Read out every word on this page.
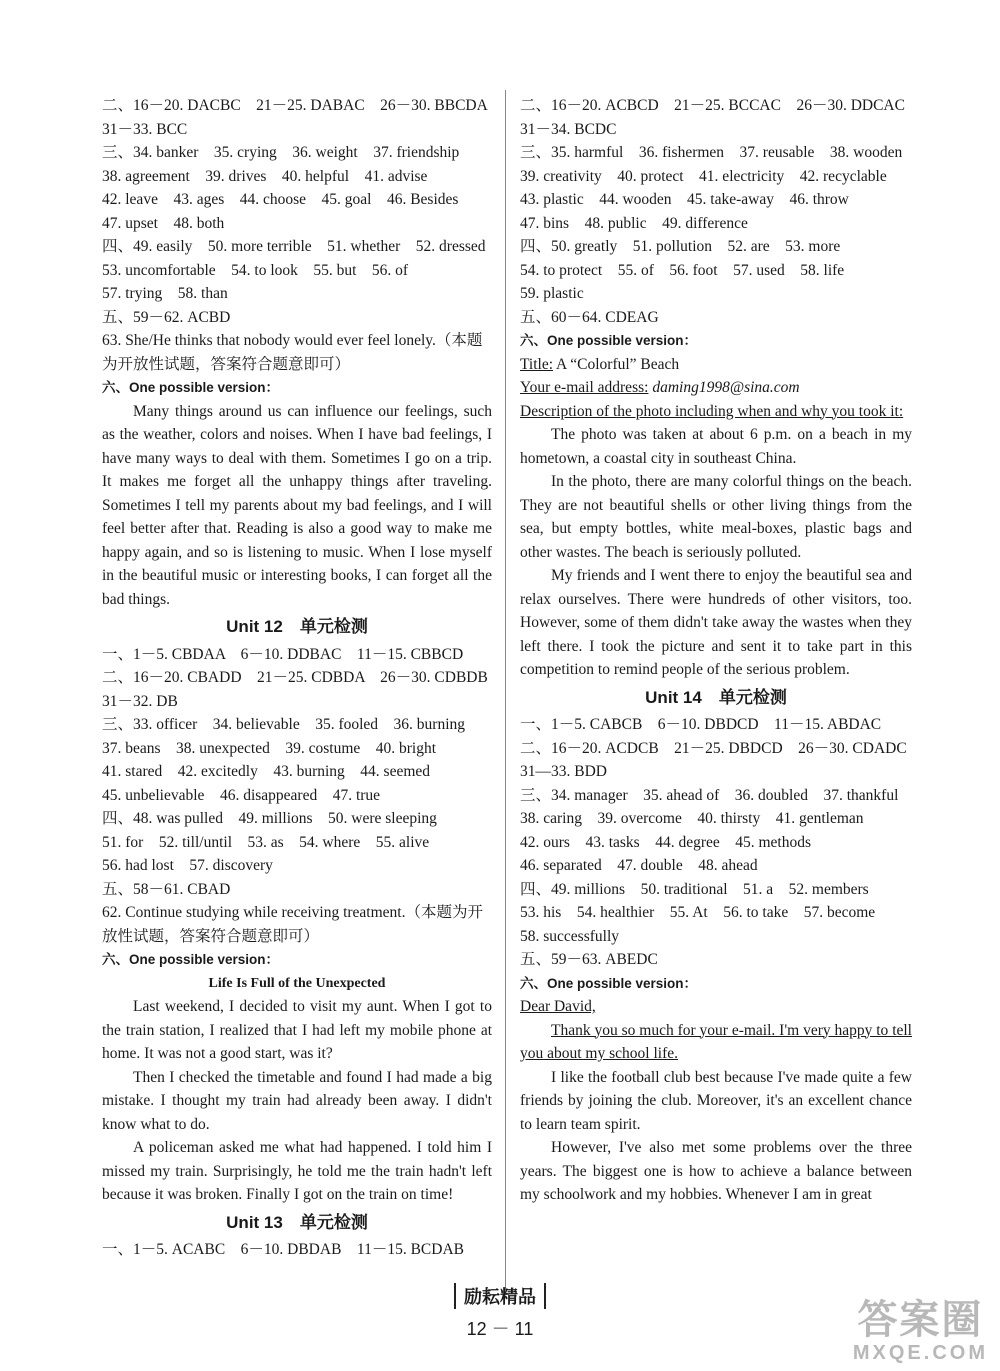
二、16－20. DACBC　21－25. DABAC　26－30. BBCDA
31－33. BCC
三、34. banker　35. crying　36. weight　37. friendship
38. agreement　39. drives　40. helpful　41. advise
42. leave　43. ages　44. choose　45. goal　46. Besides
47. upset　48. both
四、49. easily　50. more terrible　51. whether　52. dressed
53. uncomfortable　54. to look　55. but　56. of
57. trying　58. than
五、59－62. ACBD
63. She/He thinks that nobody would ever feel lonely.（本题为开放性试题，答案符合题意即可）
六、One possible version：
Many things around us can influence our feelings, such as the weather, colors and noises. When I have bad feelings, I have many ways to deal with them. Sometimes I go on a trip. It makes me forget all the unhappy things after traveling. Sometimes I tell my parents about my bad feelings, and I will feel better after that. Reading is also a good way to make me happy again, and so is listening to music. When I lose myself in the beautiful music or interesting books, I can forget all the bad things.
Unit 12　单元检测
一、1－5. CBDAA　6－10. DDBAC　11－15. CBBCD
二、16－20. CBADD　21－25. CDBDA　26－30. CDBDB
31－32. DB
三、33. officer　34. believable　35. fooled　36. burning
37. beans　38. unexpected　39. costume　40. bright
41. stared　42. excitedly　43. burning　44. seemed
45. unbelievable　46. disappeared　47. true
四、48. was pulled　49. millions　50. were sleeping
51. for　52. till/until　53. as　54. where　55. alive
56. had lost　57. discovery
五、58－61. CBAD
62. Continue studying while receiving treatment.（本题为开放性试题，答案符合题意即可）
六、One possible version：
Life Is Full of the Unexpected
Last weekend, I decided to visit my aunt. When I got to the train station, I realized that I had left my mobile phone at home. It was not a good start, was it?
Then I checked the timetable and found I had made a big mistake. I thought my train had already been away. I didn't know what to do.
A policeman asked me what had happened. I told him I missed my train. Surprisingly, he told me the train hadn't left because it was broken. Finally I got on the train on time!
Unit 13　单元检测
一、1－5. ACABC　6－10. DBDAB　11－15. BCDAB
二、16－20. ACBCD　21－25. BCCAC　26－30. DDCAC
31－34. BCDC
三、35. harmful　36. fishermen　37. reusable　38. wooden
39. creativity　40. protect　41. electricity　42. recyclable
43. plastic　44. wooden　45. take-away　46. throw
47. bins　48. public　49. difference
四、50. greatly　51. pollution　52. are　53. more
54. to protect　55. of　56. foot　57. used　58. life
59. plastic
五、60－64. CDEAG
六、One possible version：
Title: A “Colorful” Beach
Your e-mail address: daming1998@sina.com
Description of the photo including when and why you took it:
The photo was taken at about 6 p.m. on a beach in my hometown, a coastal city in southeast China.
In the photo, there are many colorful things on the beach. They are not beautiful shells or other living things from the sea, but empty bottles, white meal-boxes, plastic bags and other wastes. The beach is seriously polluted.
My friends and I went there to enjoy the beautiful sea and relax ourselves. There were hundreds of other visitors, too. However, some of them didn't take away the wastes when they left there. I took the picture and sent it to take part in this competition to remind people of the serious problem.
Unit 14　单元检测
一、1－5. CABCB　6－10. DBDCD　11－15. ABDAC
二、16－20. ACDCB　21－25. DBDCD　26－30. CDADC
31—33. BDD
三、34. manager　35. ahead of　36. doubled　37. thankful
38. caring　39. overcome　40. thirsty　41. gentleman
42. ours　43. tasks　44. degree　45. methods
46. separated　47. double　48. ahead
四、49. millions　50. traditional　51. a　52. members
53. his　54. healthier　55. At　56. to take　57. become
58. successfully
五、59－63. ABEDC
六、One possible version：
Dear David,
Thank you so much for your e-mail. I'm very happy to tell you about my school life.
I like the football club best because I've made quite a few friends by joining the club. Moreover, it's an excellent chance to learn team spirit.
However, I've also met some problems over the three years. The biggest one is how to achieve a balance between my schoolwork and my hobbies. Whenever I am in great
励耘精品
12 － 11	答案圈
MXQE.COM
